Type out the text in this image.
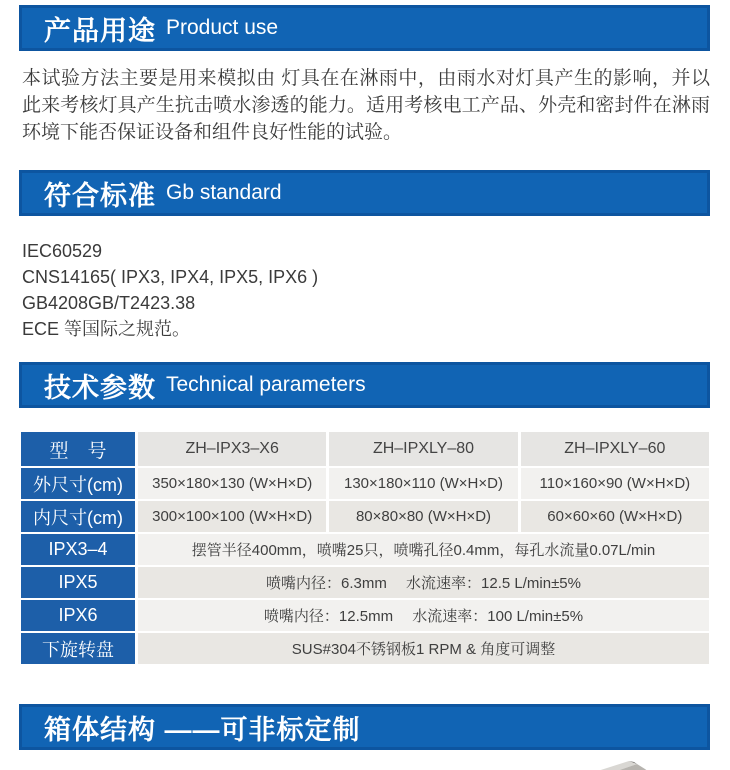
产品用途 Product use

本试验方法主要是用来模拟由 灯具在在淋雨中，由雨水对灯具产生的影响，并以此来考核灯具产生抗击喷水渗透的能力。适用考核电工产品、外壳和密封件在淋雨环境下能否保证设备和组件良好性能的试验。

符合标准 Gb standard
IEC60529
CNS14165( IPX3, IPX4, IPX5, IPX6 )
GB4208GB/T2423.38
ECE 等国际之规范。
技术参数 Technical parameters
型　号	ZH–IPX3–X6	ZH–IPXLY–80	ZH–IPXLY–60
外尺寸(cm)	350×180×130 (W×H×D)	130×180×110 (W×H×D)	110×160×90 (W×H×D)
内尺寸(cm)	300×100×100 (W×H×D)	80×80×80 (W×H×D)	60×60×60 (W×H×D)
IPX3–4	摆管半径400mm，喷嘴25只，喷嘴孔径0.4mm，每孔水流量0.07L/min		
IPX5	喷嘴内径：6.3mm　 水流速率：12.5 L/min±5%		
IPX6	喷嘴内径：12.5mm　 水流速率：100 L/min±5%		
下旋转盘	SUS#304不锈钢板1 RPM & 角度可调整		
箱体结构 ——可非标定制
